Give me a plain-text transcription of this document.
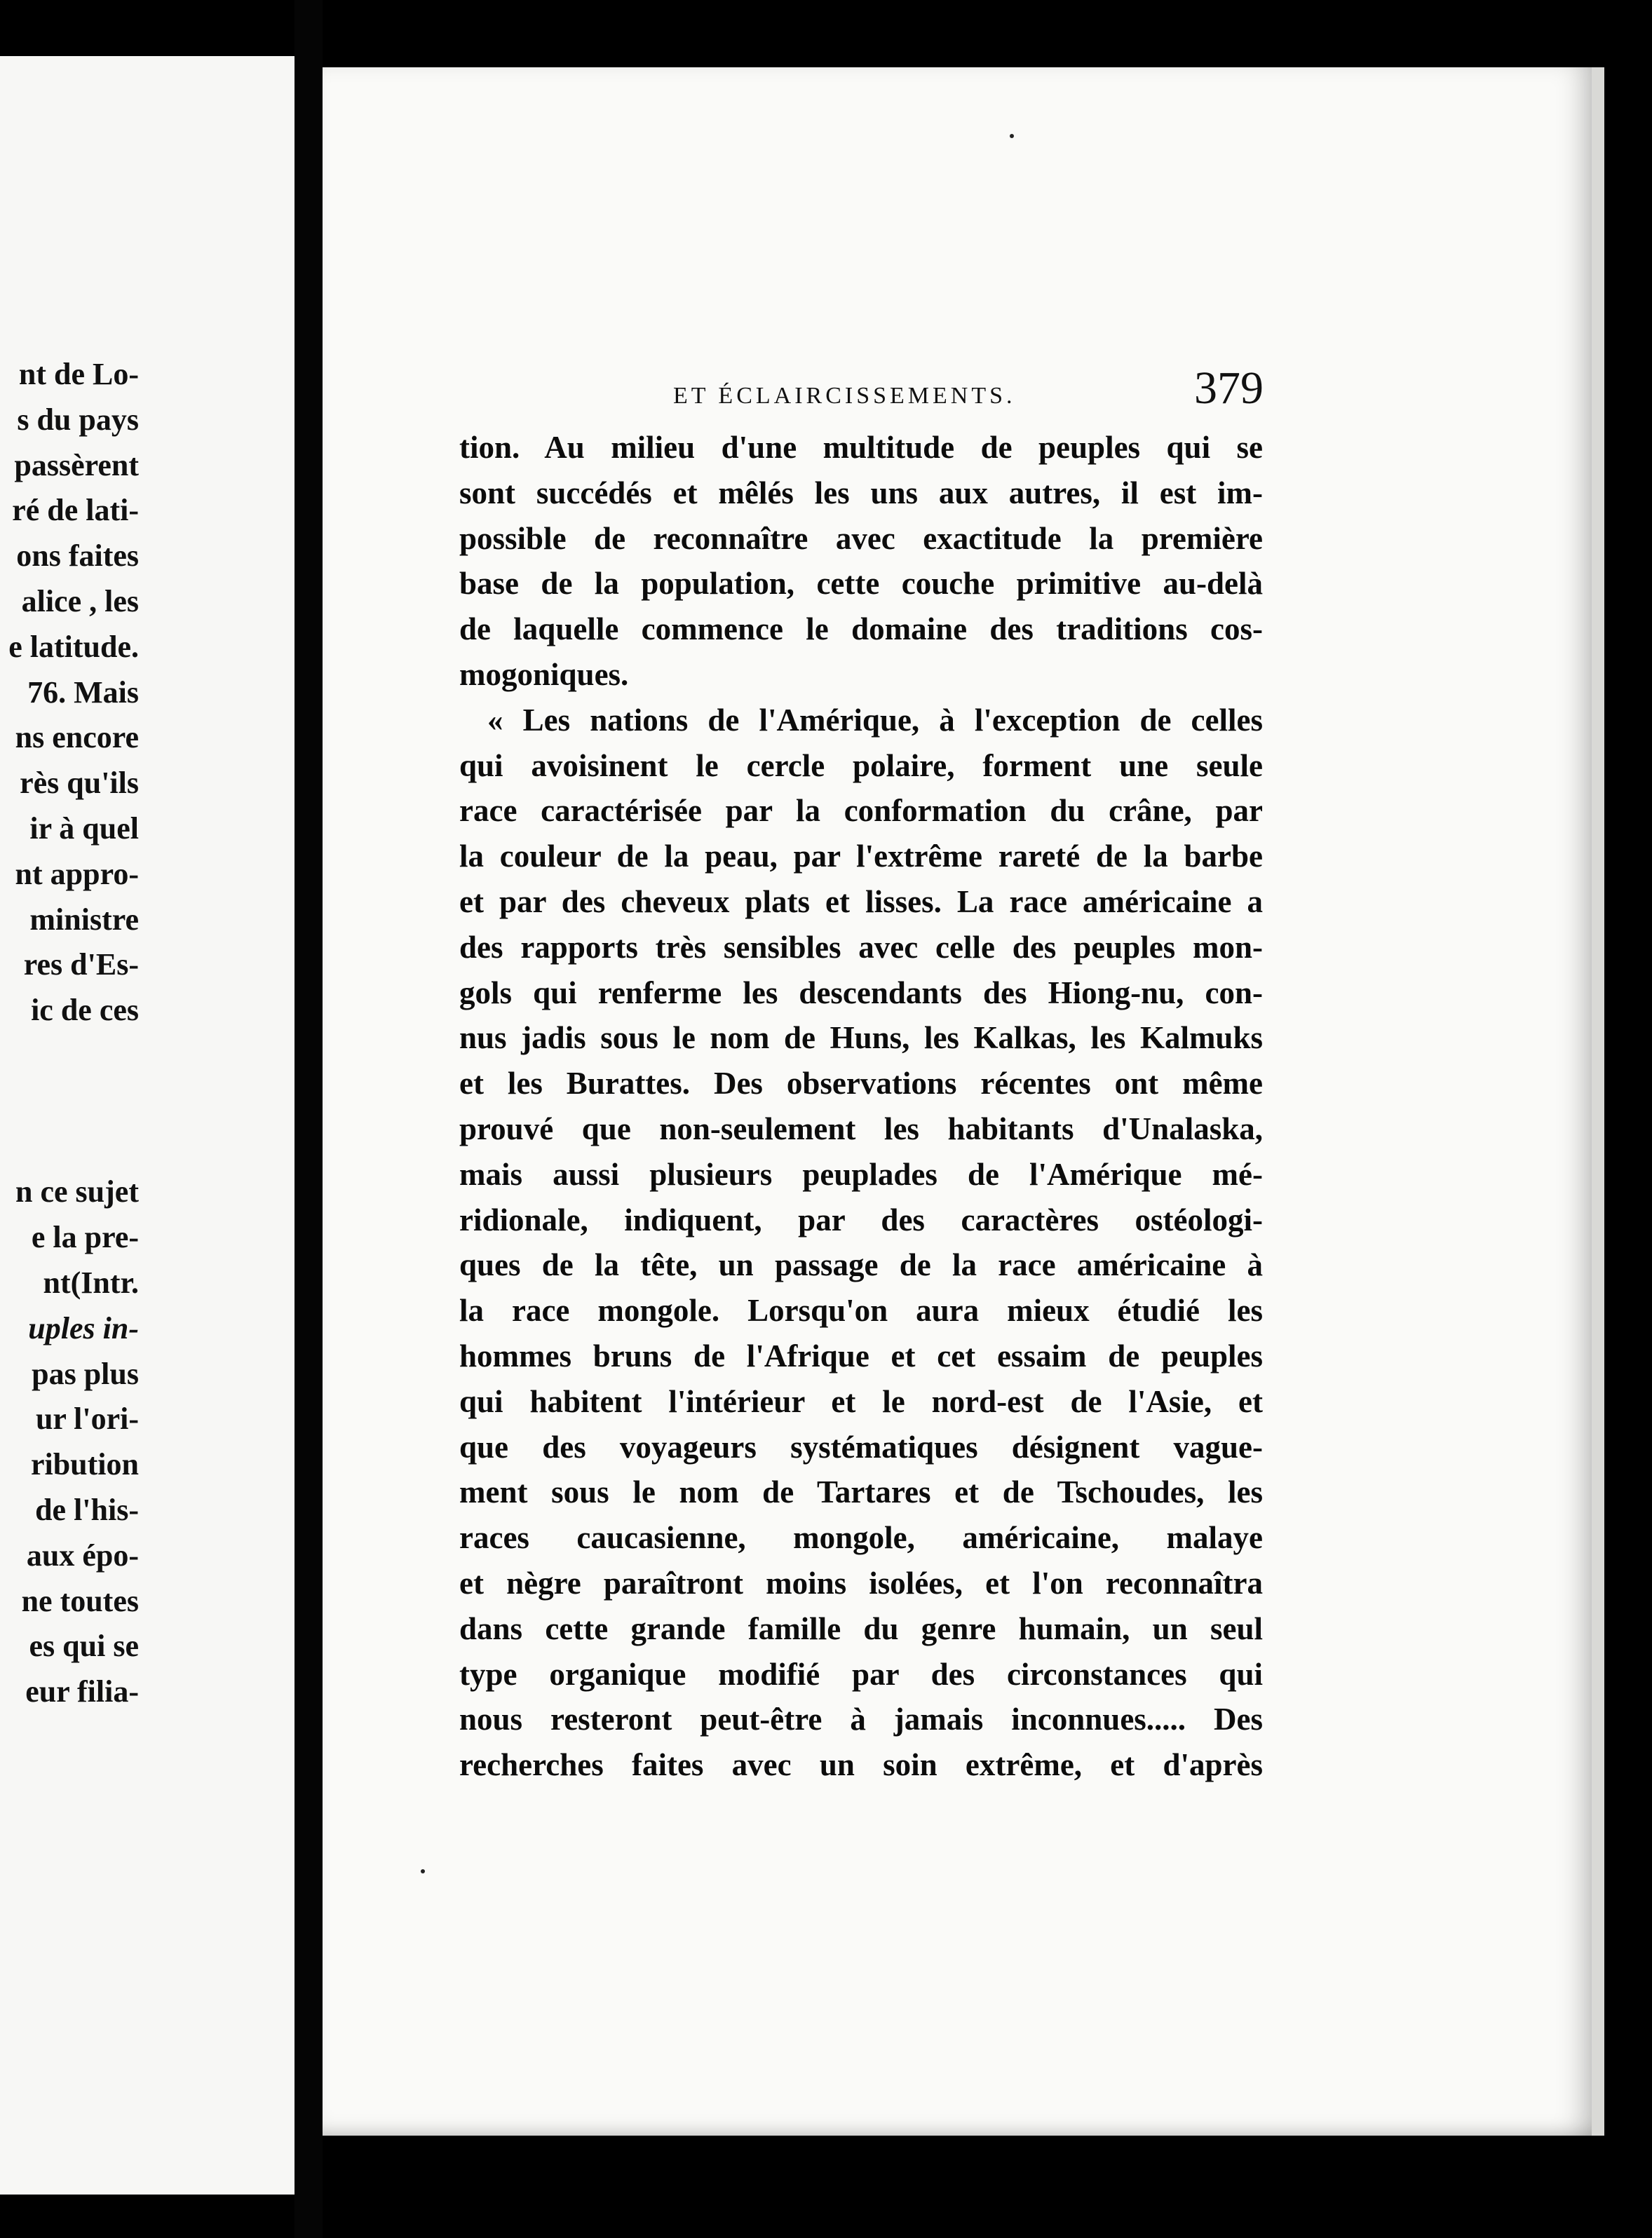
nt de Lo-
s du pays
passèrent
ré de lati-
ons faites
alice , les
e latitude.
76. Mais
ns encore
rès qu'ils
ir à quel
nt appro-
ministre
res d'Es-
ic de ces
n ce sujet
e la pre-
nt(Intr.
uples in-
pas plus
ur l'ori-
ribution
de l'his-
aux épo-
ne toutes
es qui se
eur filia-
ET ÉCLAIRCISSEMENTS.	379
tion. Au milieu d'une multitude de peuples qui se
sont succédés et mêlés les uns aux autres, il est im-
possible de reconnaître avec exactitude la première
base de la population, cette couche primitive au-delà
de laquelle commence le domaine des traditions cos-
mogoniques.
« Les nations de l'Amérique, à l'exception de celles
qui avoisinent le cercle polaire, forment une seule
race caractérisée par la conformation du crâne, par
la couleur de la peau, par l'extrême rareté de la barbe
et par des cheveux plats et lisses. La race américaine a
des rapports très sensibles avec celle des peuples mon-
gols qui renferme les descendants des Hiong-nu, con-
nus jadis sous le nom de Huns, les Kalkas, les Kalmuks
et les Burattes. Des observations récentes ont même
prouvé que non-seulement les habitants d'Unalaska,
mais aussi plusieurs peuplades de l'Amérique mé-
ridionale, indiquent, par des caractères ostéologi-
ques de la tête, un passage de la race américaine à
la race mongole. Lorsqu'on aura mieux étudié les
hommes bruns de l'Afrique et cet essaim de peuples
qui habitent l'intérieur et le nord-est de l'Asie, et
que des voyageurs systématiques désignent vague-
ment sous le nom de Tartares et de Tschoudes, les
races caucasienne, mongole, américaine, malaye
et nègre paraîtront moins isolées, et l'on reconnaîtra
dans cette grande famille du genre humain, un seul
type organique modifié par des circonstances qui
nous resteront peut-être à jamais inconnues..... Des
recherches faites avec un soin extrême, et d'après
